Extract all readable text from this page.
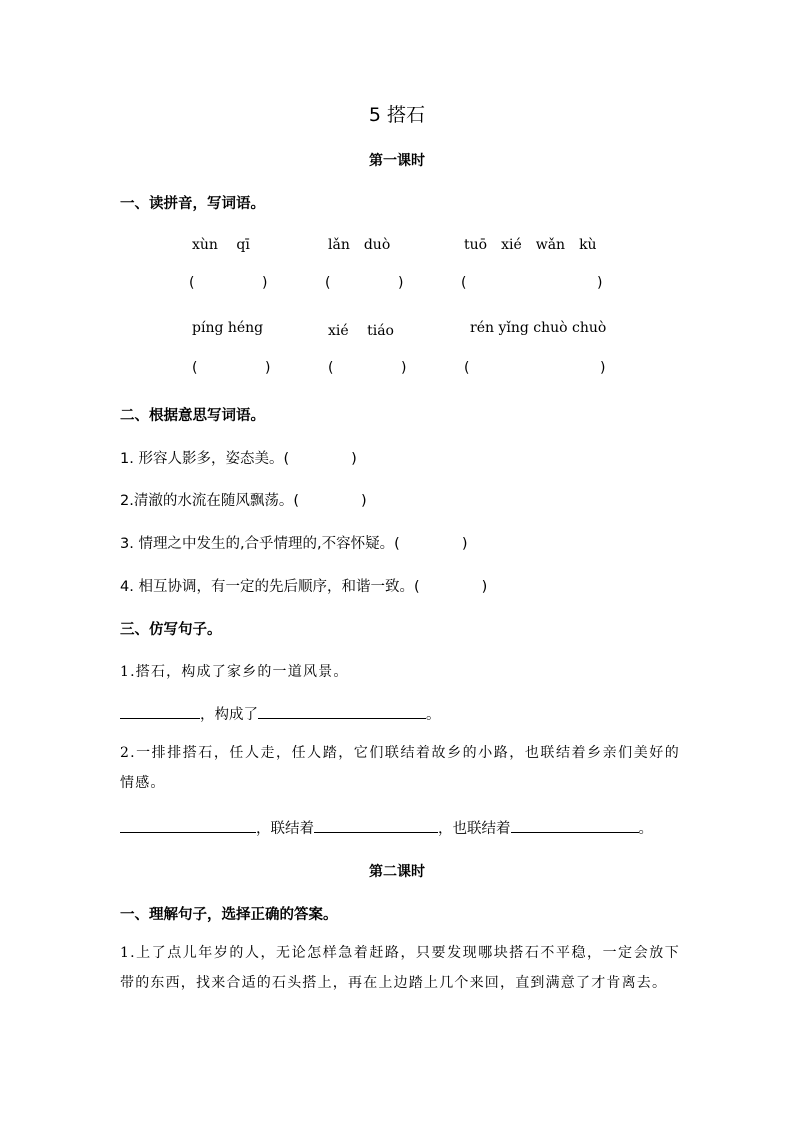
5 搭石
第一课时
一、读拼音，写词语。
xùn　 qī	lǎn　duò	tuō　xié　wǎn　kù
(	)	(	)	(	)
píng héng	xié　 tiáo	rén yǐng chuò chuò
(	)	(	)	(	)
二、根据意思写词语。
1. 形容人影多，姿态美。(	)
2.清澈的水流在随风飘荡。(	)
3. 情理之中发生的,合乎情理的,不容怀疑。(	)
4. 相互协调，有一定的先后顺序，和谐一致。(	)
三、仿写句子。
1.搭石，构成了家乡的一道风景。
，构成了	。
2.一排排搭石，任人走，任人踏，它们联结着故乡的小路，也联结着乡亲们美好的情感。
，联结着	，也联结着	。
第二课时
一、理解句子，选择正确的答案。
1.上了点儿年岁的人，无论怎样急着赶路，只要发现哪块搭石不平稳，一定会放下带的东西，找来合适的石头搭上，再在上边踏上几个来回，直到满意了才肯离去。
